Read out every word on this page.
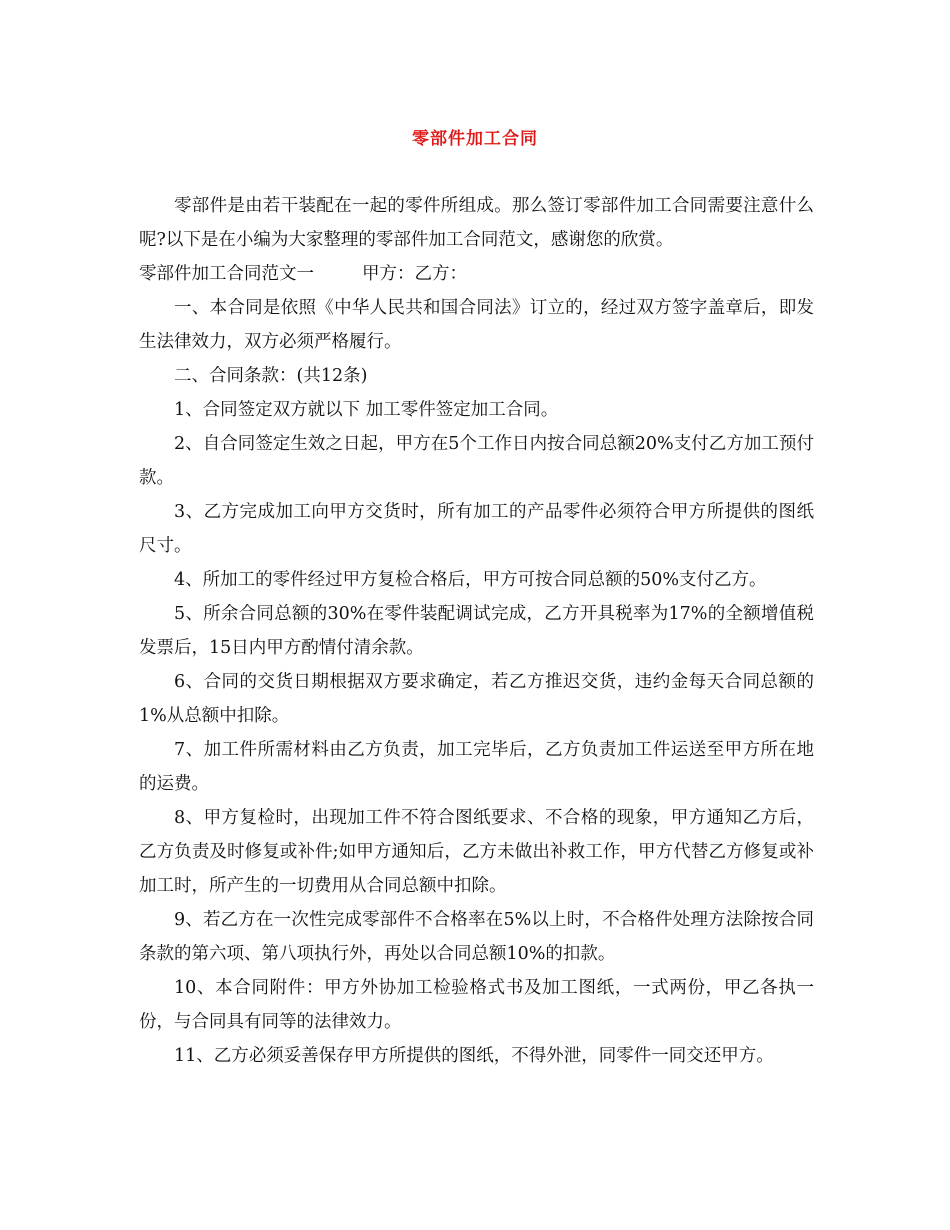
零部件加工合同

零部件是由若干装配在一起的零件所组成。那么签订零部件加工合同需要注意什么呢?以下是在小编为大家整理的零部件加工合同范文，感谢您的欣赏。

零部件加工合同范文一	甲方：乙方：

一、本合同是依照《中华人民共和国合同法》订立的，经过双方签字盖章后，即发生法律效力，双方必须严格履行。

二、合同条款：(共12条)

1、合同签定双方就以下 加工零件签定加工合同。

2、自合同签定生效之日起，甲方在5个工作日内按合同总额20%支付乙方加工预付款。

3、乙方完成加工向甲方交货时，所有加工的产品零件必须符合甲方所提供的图纸尺寸。

4、所加工的零件经过甲方复检合格后，甲方可按合同总额的50%支付乙方。

5、所余合同总额的30%在零件装配调试完成，乙方开具税率为17%的全额增值税发票后，15日内甲方酌情付清余款。

6、合同的交货日期根据双方要求确定，若乙方推迟交货，违约金每天合同总额的1%从总额中扣除。

7、加工件所需材料由乙方负责，加工完毕后，乙方负责加工件运送至甲方所在地的运费。

8、甲方复检时，出现加工件不符合图纸要求、不合格的现象，甲方通知乙方后，乙方负责及时修复或补件;如甲方通知后，乙方未做出补救工作，甲方代替乙方修复或补加工时，所产生的一切费用从合同总额中扣除。

9、若乙方在一次性完成零部件不合格率在5%以上时，不合格件处理方法除按合同条款的第六项、第八项执行外，再处以合同总额10%的扣款。

10、本合同附件：甲方外协加工检验格式书及加工图纸，一式两份，甲乙各执一份，与合同具有同等的法律效力。

11、乙方必须妥善保存甲方所提供的图纸，不得外泄，同零件一同交还甲方。
